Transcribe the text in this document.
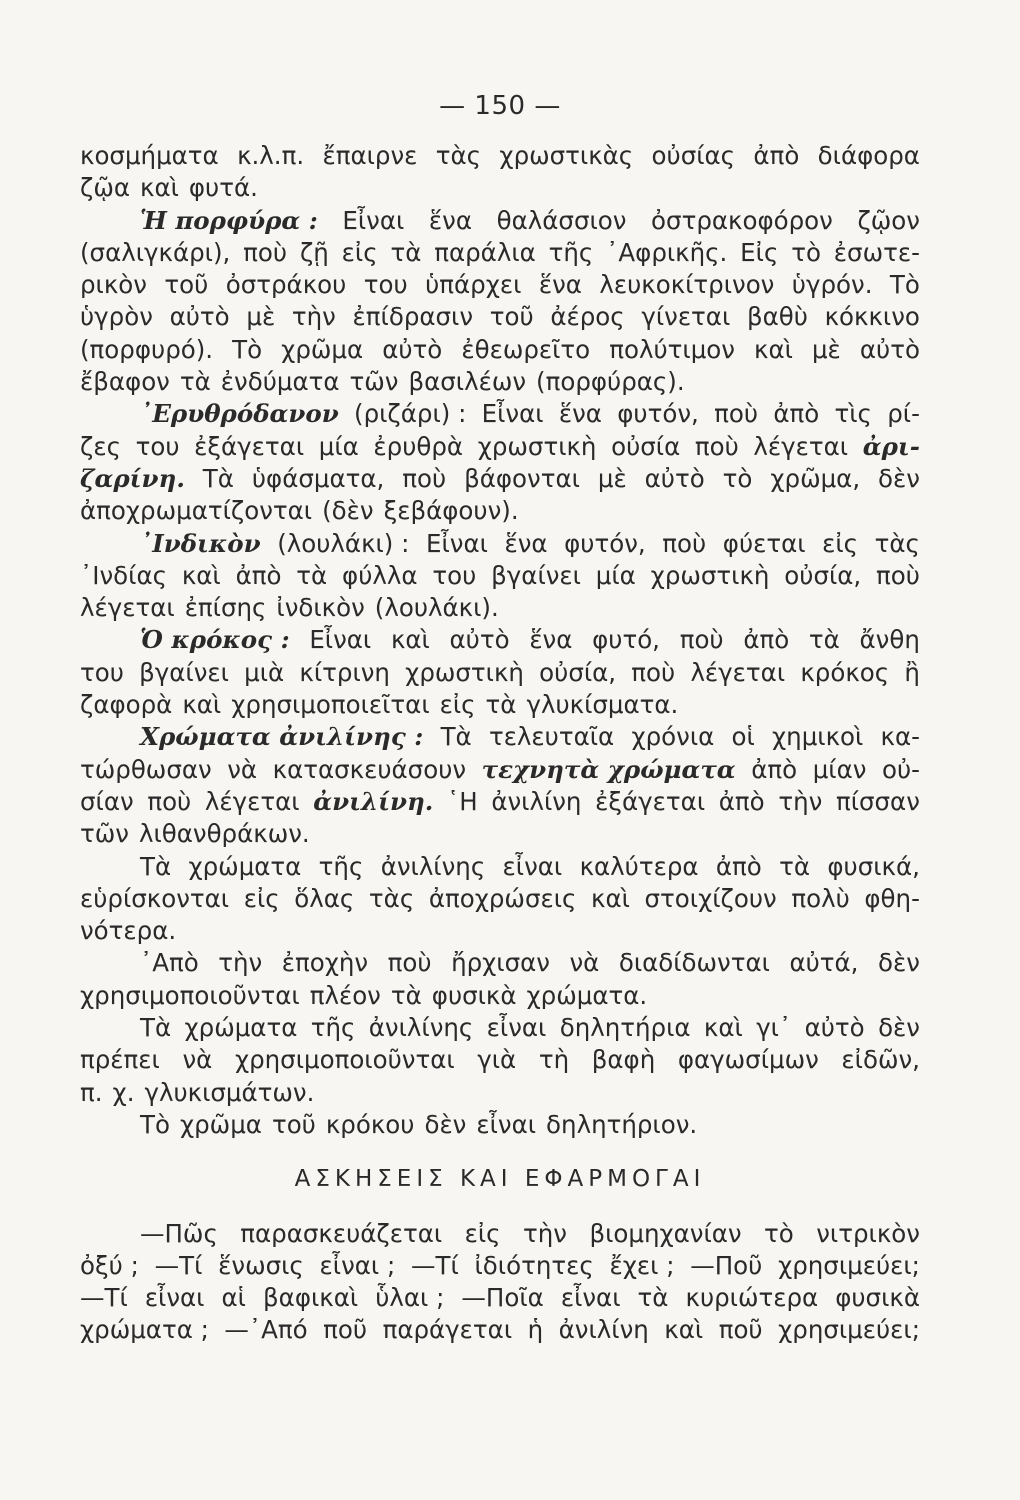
— 150 —
κοσμήματα κ.λ.π. ἔπαιρνε τὰς χρωστικὰς οὐσίας ἀπὸ διάφορα
ζῷα καὶ φυτά.
Ἡ πορφύρα : Εἶναι ἕνα θαλάσσιον ὀστρακοφόρον ζῷον
(σαλιγκάρι), ποὺ ζῇ εἰς τὰ παράλια τῆς ᾿Αφρικῆς. Εἰς τὸ ἐσωτε-
ρικὸν τοῦ ὀστράκου του ὑπάρχει ἕνα λευκοκίτρινον ὑγρόν. Τὸ
ὑγρὸν αὐτὸ μὲ τὴν ἐπίδρασιν τοῦ ἀέρος γίνεται βαθὺ κόκκινο
(πορφυρό). Τὸ χρῶμα αὐτὸ ἐθεωρεῖτο πολύτιμον καὶ μὲ αὐτὸ
ἔβαφον τὰ ἐνδύματα τῶν βασιλέων (πορφύρας).
᾿Ερυθρόδανον (ριζάρι) : Εἶναι ἕνα φυτόν, ποὺ ἀπὸ τὶς ρί-
ζες του ἐξάγεται μία ἐρυθρὰ χρωστικὴ οὐσία ποὺ λέγεται ἀρι-
ζαρίνη. Τὰ ὑφάσματα, ποὺ βάφονται μὲ αὐτὸ τὸ χρῶμα, δὲν
ἀποχρωματίζονται (δὲν ξεβάφουν).
᾿Ινδικὸν (λουλάκι) : Εἶναι ἕνα φυτόν, ποὺ φύεται εἰς τὰς
᾿Ινδίας καὶ ἀπὸ τὰ φύλλα του βγαίνει μία χρωστικὴ οὐσία, ποὺ
λέγεται ἐπίσης ἰνδικὸν (λουλάκι).
Ὁ κρόκος : Εἶναι καὶ αὐτὸ ἕνα φυτό, ποὺ ἀπὸ τὰ ἄνθη
του βγαίνει μιὰ κίτρινη χρωστικὴ οὐσία, ποὺ λέγεται κρόκος ἢ
ζαφορὰ καὶ χρησιμοποιεῖται εἰς τὰ γλυκίσματα.
Χρώματα ἀνιλίνης : Τὰ τελευταῖα χρόνια οἱ χημικοὶ κα-
τώρθωσαν νὰ κατασκευάσουν τεχνητὰ χρώματα ἀπὸ μίαν οὐ-
σίαν ποὺ λέγεται ἀνιλίνη. ῾Η ἀνιλίνη ἐξάγεται ἀπὸ τὴν πίσσαν
τῶν λιθανθράκων.
Τὰ χρώματα τῆς ἀνιλίνης εἶναι καλύτερα ἀπὸ τὰ φυσικά,
εὑρίσκονται εἰς ὅλας τὰς ἀποχρώσεις καὶ στοιχίζουν πολὺ φθη-
νότερα.
᾿Απὸ τὴν ἐποχὴν ποὺ ἤρχισαν νὰ διαδίδωνται αὐτά, δὲν
χρησιμοποιοῦνται πλέον τὰ φυσικὰ χρώματα.
Τὰ χρώματα τῆς ἀνιλίνης εἶναι δηλητήρια καὶ γι᾿ αὐτὸ δὲν
πρέπει νὰ χρησιμοποιοῦνται γιὰ τὴ βαφὴ φαγωσίμων εἰδῶν,
π. χ. γλυκισμάτων.
Τὸ χρῶμα τοῦ κρόκου δὲν εἶναι δηλητήριον.
ΑΣΚΗΣΕΙΣ ΚΑΙ ΕΦΑΡΜΟΓΑΙ
—Πῶς παρασκευάζεται εἰς τὴν βιομηχανίαν τὸ νιτρικὸν
ὀξύ ; —Τί ἕνωσις εἶναι ; —Τί ἰδιότητες ἔχει ; —Ποῦ χρησιμεύει;
—Τί εἶναι αἱ βαφικαὶ ὗλαι ; —Ποῖα εἶναι τὰ κυριώτερα φυσικὰ
χρώματα ; —᾿Από ποῦ παράγεται ἡ ἀνιλίνη καὶ ποῦ χρησιμεύει;
